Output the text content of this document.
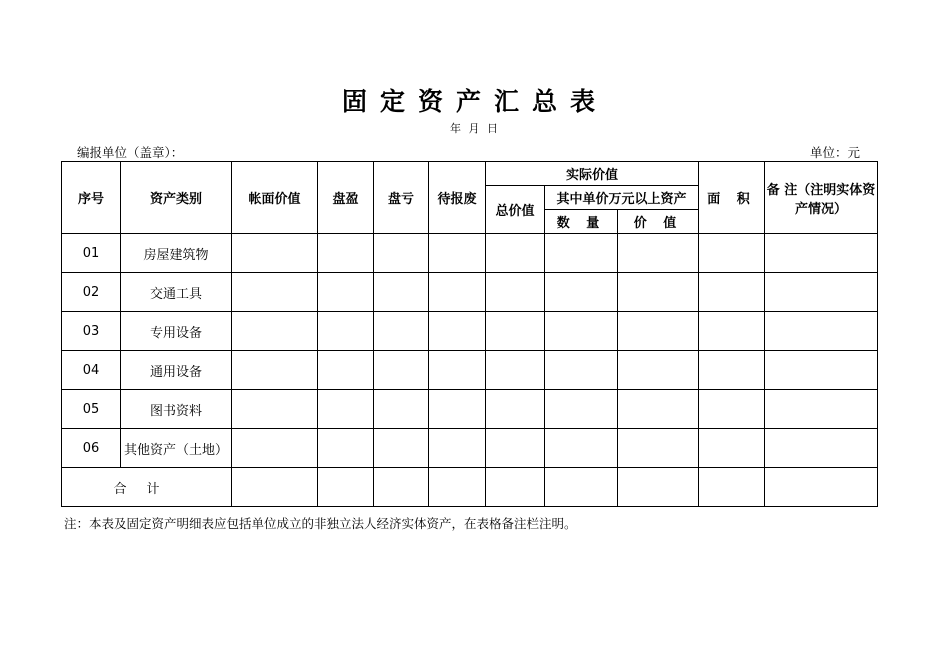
固定资产汇总表
年 月 日
编报单位（盖章）：	单位：元
序号	资产类别	帐面价值	盘盈	盘亏	待报废	实际价值			面 积	备 注（注明实体资产情况）
						总价值	其中单价万元以上资产			
							数 量	价 值		
01	房屋建筑物									
02	交通工具									
03	专用设备									
04	通用设备									
05	图书资料									
06	其他资产（土地）									
合计										
注：本表及固定资产明细表应包括单位成立的非独立法人经济实体资产，在表格备注栏注明。
